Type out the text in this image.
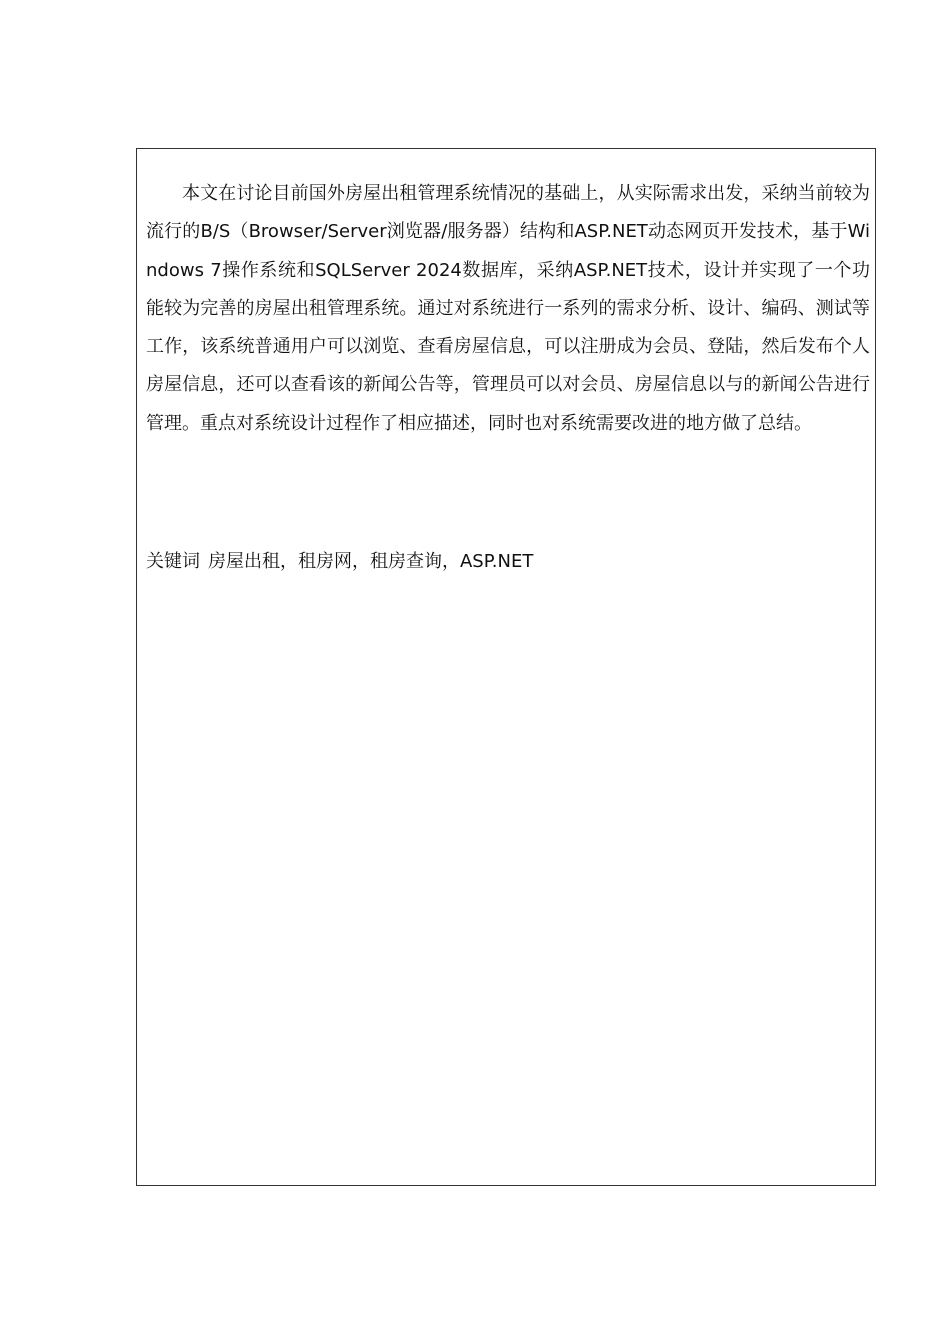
本文在讨论目前国外房屋出租管理系统情况的基础上，从实际需求出发，采纳当前较为流行的B/S（Browser/Server浏览器/服务器）结构和ASP.NET动态网页开发技术，基于Windows 7操作系统和SQLServer 2024数据库，采纳ASP.NET技术，设计并实现了一个功能较为完善的房屋出租管理系统。通过对系统进行一系列的需求分析、设计、编码、测试等工作，该系统普通用户可以浏览、查看房屋信息，可以注册成为会员、登陆，然后发布个人房屋信息，还可以查看该的新闻公告等，管理员可以对会员、房屋信息以与的新闻公告进行管理。重点对系统设计过程作了相应描述，同时也对系统需要改进的地方做了总结。

关键词 房屋出租，租房网，租房查询，ASP.NET
